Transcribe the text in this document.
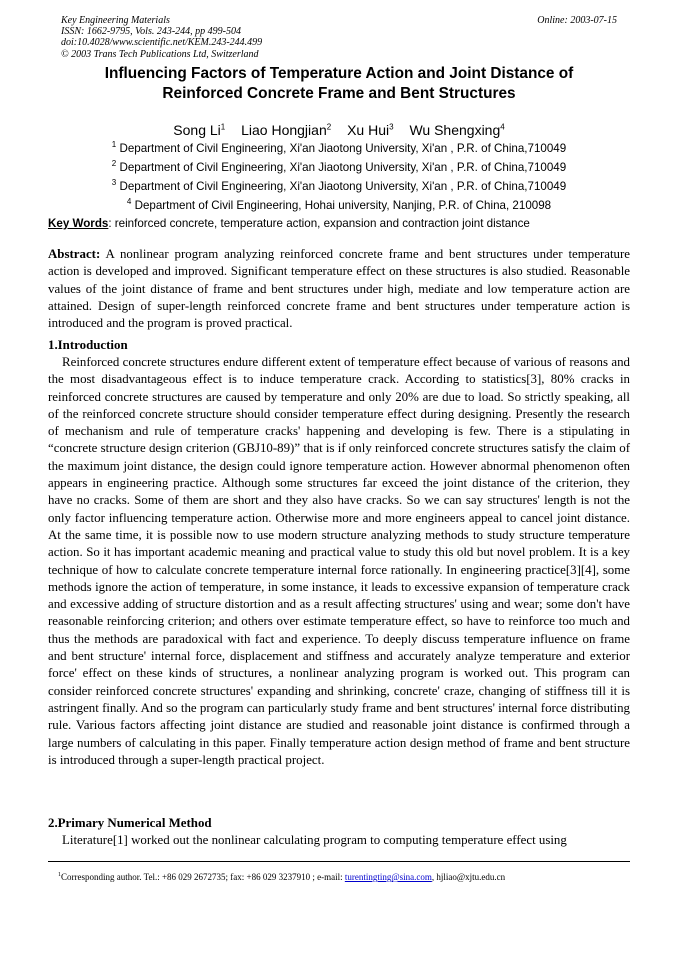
Key Engineering Materials
ISSN: 1662-9795, Vols. 243-244, pp 499-504
doi:10.4028/www.scientific.net/KEM.243-244.499
© 2003 Trans Tech Publications Ltd, Switzerland
Online: 2003-07-15
Influencing Factors of Temperature Action and Joint Distance of
Reinforced Concrete Frame and Bent Structures
Song Li$^1$ Liao Hongjian$^2$ Xu Hui$^3$ Wu Shengxing$^4$
$^1$ Department of Civil Engineering, Xi'an Jiaotong University, Xi'an , P.R. of China,710049
$^2$ Department of Civil Engineering, Xi'an Jiaotong University, Xi'an , P.R. of China,710049
$^3$ Department of Civil Engineering, Xi'an Jiaotong University, Xi'an , P.R. of China,710049
$^4$ Department of Civil Engineering, Hohai university, Nanjing, P.R. of China, 210098
Key Words: reinforced concrete, temperature action, expansion and contraction joint distance
Abstract: A nonlinear program analyzing reinforced concrete frame and bent structures under temperature action is developed and improved. Significant temperature effect on these structures is also studied. Reasonable values of the joint distance of frame and bent structures under high, mediate and low temperature action are attained. Design of super-length reinforced concrete frame and bent structures under temperature action is introduced and the program is proved practical.
1.Introduction
Reinforced concrete structures endure different extent of temperature effect because of various of reasons and the most disadvantageous effect is to induce temperature crack. According to statistics[3], 80% cracks in reinforced concrete structures are caused by temperature and only 20% are due to load. So strictly speaking, all of the reinforced concrete structure should consider temperature effect during designing. Presently the research of mechanism and rule of temperature cracks' happening and developing is few. There is a stipulating in “concrete structure design criterion (GBJ10-89)” that is if only reinforced concrete structures satisfy the claim of the maximum joint distance, the design could ignore temperature action. However abnormal phenomenon often appears in engineering practice. Although some structures far exceed the joint distance of the criterion, they have no cracks. Some of them are short and they also have cracks. So we can say structures' length is not the only factor influencing temperature action. Otherwise more and more engineers appeal to cancel joint distance. At the same time, it is possible now to use modern structure analyzing methods to study structure temperature action. So it has important academic meaning and practical value to study this old but novel problem. It is a key technique of how to calculate concrete temperature internal force rationally. In engineering practice[3][4], some methods ignore the action of temperature, in some instance, it leads to excessive expansion of temperature crack and excessive adding of structure distortion and as a result affecting structures' using and wear; some don't have reasonable reinforcing criterion; and others over estimate temperature effect, so have to reinforce too much and thus the methods are paradoxical with fact and experience. To deeply discuss temperature influence on frame and bent structure' internal force, displacement and stiffness and accurately analyze temperature and exterior force' effect on these kinds of structures, a nonlinear analyzing program is worked out. This program can consider reinforced concrete structures' expanding and shrinking, concrete' craze, changing of stiffness till it is astringent finally. And so the program can particularly study frame and bent structures' internal force distributing rule. Various factors affecting joint distance are studied and reasonable joint distance is confirmed through a large numbers of calculating in this paper. Finally temperature action design method of frame and bent structure is introduced through a super-length practical project.
2.Primary Numerical Method
Literature[1] worked out the nonlinear calculating program to computing temperature effect using
$^1$Corresponding author. Tel.: +86 029 2672735; fax: +86 029 3237910 ; e-mail: turentingting@sina.com, hjliao@xjtu.edu.cn
